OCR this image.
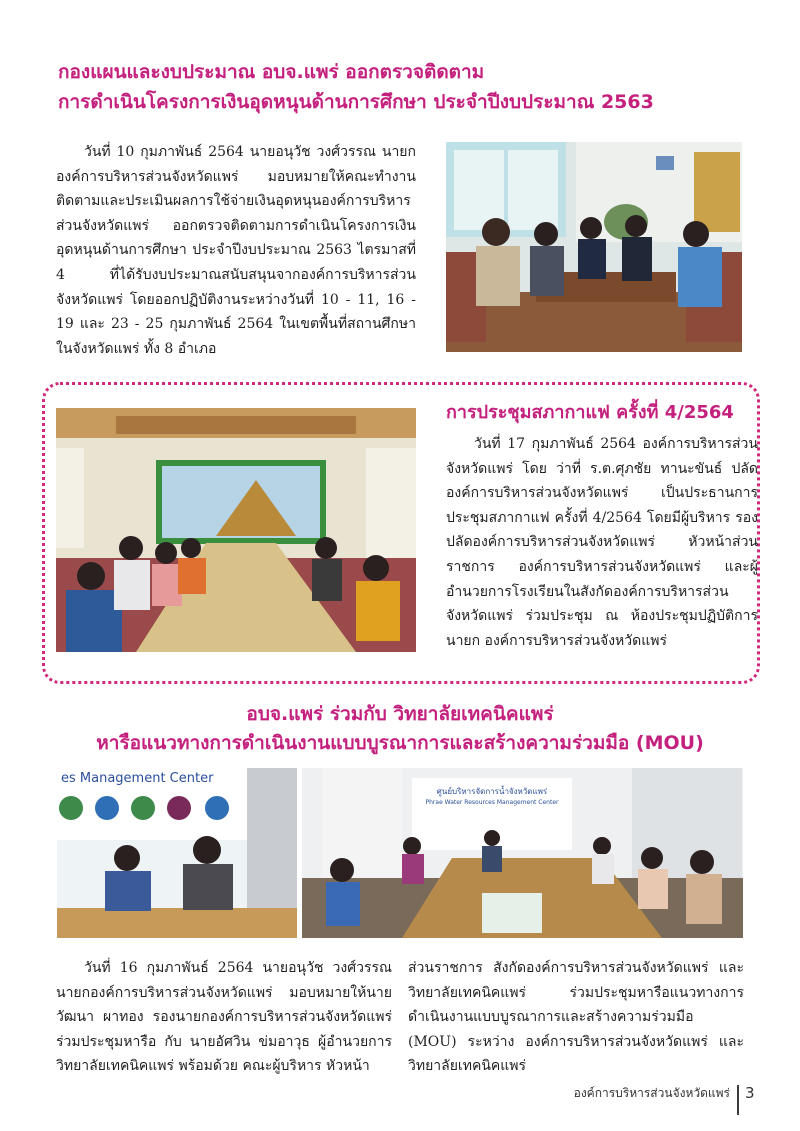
กองแผนและงบประมาณ อบจ.แพร่ ออกตรวจติดตาม
การดำเนินโครงการเงินอุดหนุนด้านการศึกษา ประจำปีงบประมาณ 2563
วันที่ 10 กุมภาพันธ์ 2564 นายอนุวัช วงศ์วรรณ นายกองค์การบริหารส่วนจังหวัดแพร่ มอบหมายให้คณะทำงานติดตามและประเมินผลการใช้จ่ายเงินอุดหนุนองค์การบริหารส่วนจังหวัดแพร่ ออกตรวจติดตามการดำเนินโครงการเงินอุดหนุนด้านการศึกษา ประจำปีงบประมาณ 2563 ไตรมาสที่ 4 ที่ได้รับงบประมาณสนับสนุนจากองค์การบริหารส่วนจังหวัดแพร่ โดยออกปฏิบัติงานระหว่างวันที่ 10 - 11, 16 - 19 และ 23 - 25 กุมภาพันธ์ 2564 ในเขตพื้นที่สถานศึกษาในจังหวัดแพร่ ทั้ง 8 อำเภอ
การประชุมสภากาแฟ ครั้งที่ 4/2564
วันที่ 17 กุมภาพันธ์ 2564 องค์การบริหารส่วนจังหวัดแพร่ โดย ว่าที่ ร.ต.ศุภชัย ทานะขันธ์ ปลัดองค์การบริหารส่วนจังหวัดแพร่ เป็นประธานการประชุมสภากาแฟ ครั้งที่ 4/2564 โดยมีผู้บริหาร รองปลัดองค์การบริหารส่วนจังหวัดแพร่ หัวหน้าส่วนราชการ องค์การบริหารส่วนจังหวัดแพร่ และผู้อำนวยการโรงเรียนในสังกัดองค์การบริหารส่วนจังหวัดแพร่ ร่วมประชุม ณ ห้องประชุมปฏิบัติการนายก องค์การบริหารส่วนจังหวัดแพร่
อบจ.แพร่ ร่วมกับ วิทยาลัยเทคนิคแพร่
หารือแนวทางการดำเนินงานแบบบูรณาการและสร้างความร่วมมือ (MOU)
es Management Center
ศูนย์บริหารจัดการน้ำจังหวัดแพร่
Phrae Water Resources Management Center
วันที่ 16 กุมภาพันธ์ 2564 นายอนุวัช วงศ์วรรณ นายกองค์การบริหารส่วนจังหวัดแพร่ มอบหมายให้นายวัฒนา ผาทอง รองนายกองค์การบริหารส่วนจังหวัดแพร่ ร่วมประชุมหารือ กับ นายอัศวิน ข่มอาวุธ ผู้อำนวยการวิทยาลัยเทคนิคแพร่ พร้อมด้วย คณะผู้บริหาร หัวหน้า
ส่วนราชการ สังกัดองค์การบริหารส่วนจังหวัดแพร่ และ วิทยาลัยเทคนิคแพร่ ร่วมประชุมหารือแนวทางการดำเนินงานแบบบูรณาการและสร้างความร่วมมือ (MOU) ระหว่าง องค์การบริหารส่วนจังหวัดแพร่ และวิทยาลัยเทคนิคแพร่
องค์การบริหารส่วนจังหวัดแพร่ 3
